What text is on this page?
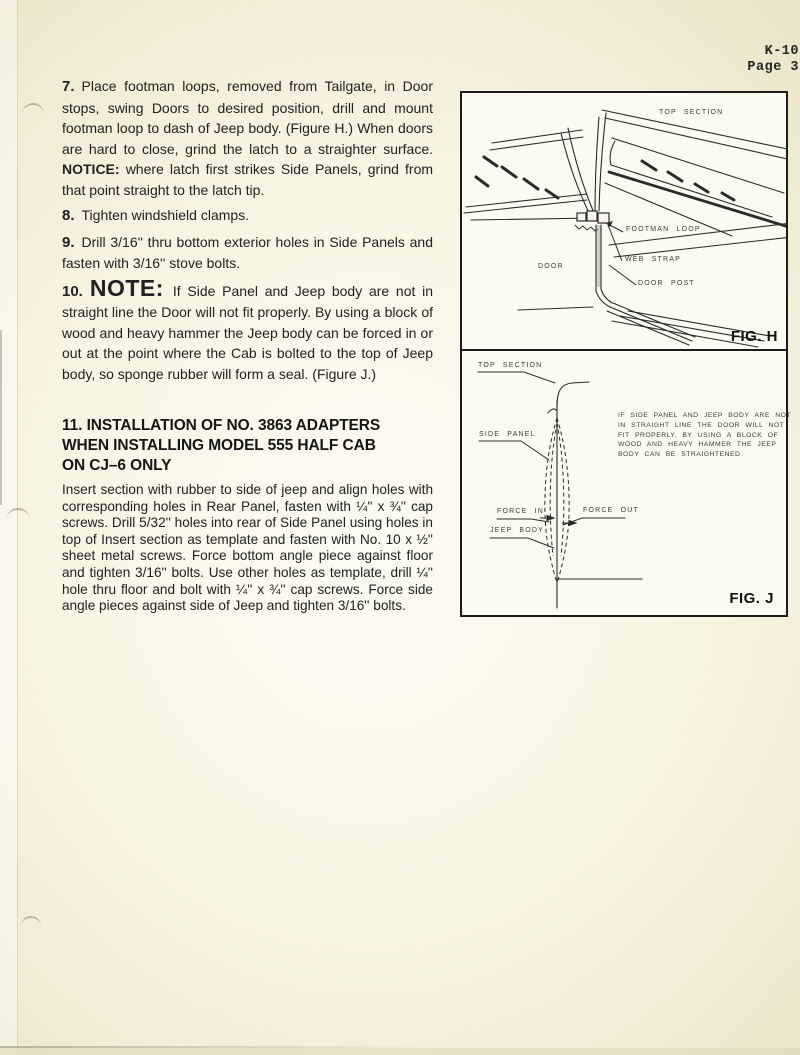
K-10
Page 3

7. Place footman loops, removed from Tailgate, in Door stops, swing Doors to desired position, drill and mount footman loop to dash of Jeep body. (Figure H.) When doors are hard to close, grind the latch to a straighter surface. NOTICE: where latch first strikes Side Panels, grind from that point straight to the latch tip.

8. Tighten windshield clamps.

9. Drill 3/16'' thru bottom exterior holes in Side Panels and fasten with 3/16'' stove bolts.

10. NOTE: If Side Panel and Jeep body are not in straight line the Door will not fit properly. By using a block of wood and heavy hammer the Jeep body can be forced in or out at the point where the Cab is bolted to the top of Jeep body, so sponge rubber will form a seal. (Figure J.)

11. INSTALLATION OF NO. 3863 ADAPTERS
WHEN INSTALLING MODEL 555 HALF CAB
ON CJ–6 ONLY

Insert section with rubber to side of jeep and align holes with corresponding holes in Rear Panel, fasten with ¼'' x ¾'' cap screws. Drill 5/32'' holes into rear of Side Panel using holes in top of Insert section as template and fasten with No. 10 x ½'' sheet metal screws. Force bottom angle piece against floor and tighten 3/16'' bolts. Use other holes as template, drill ¼'' hole thru floor and bolt with ¼'' x ¾'' cap screws. Force side angle pieces against side of Jeep and tighten 3/16'' bolts.

TOP SECTION
FOOTMAN LOOP
WEB STRAP
DOOR POST
DOOR
FIG. H
TOP SECTION
SIDE PANEL
FORCE IN	FORCE OUT
JEEP BODY
IF SIDE PANEL AND JEEP BODY ARE NOT
IN STRAIGHT LINE THE DOOR WILL NOT
FIT PROPERLY. BY USING A BLOCK OF
WOOD AND HEAVY HAMMER THE JEEP
BODY CAN BE STRAIGHTENED
FIG. J
